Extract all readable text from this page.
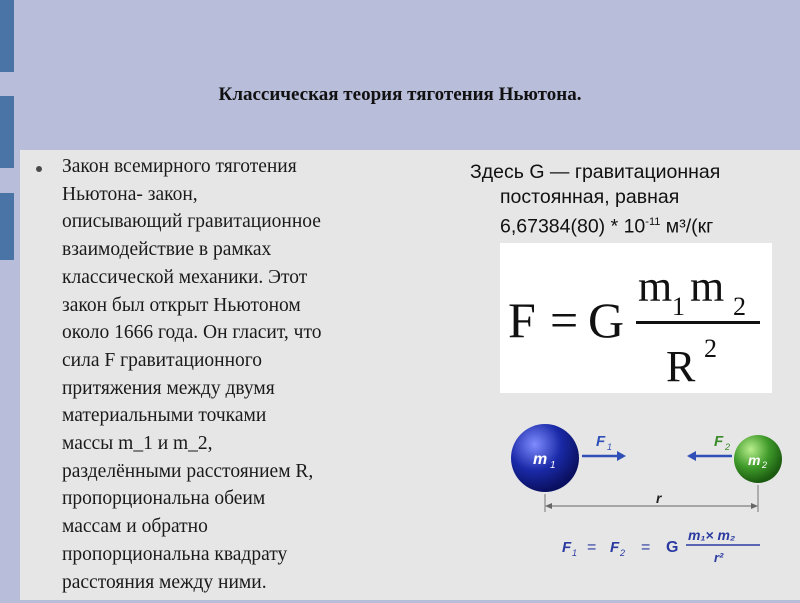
Классическая теория тяготения Ньютона.
Закон всемирного тяготения
Ньютона- закон,
описывающий гравитационное
взаимодействие в рамках
классической механики. Этот
закон был открыт Ньютоном
около 1666 года. Он гласит, что
сила F гравитационного
притяжения между двумя
материальными точками
массы m_1 и m_2,
разделёнными расстоянием R,
пропорциональна обеим
массам и обратно
пропорциональна квадрату
расстояния между ними.
Здесь G — гравитационная
постоянная, равная
$6,67384(80) * 10^{-11}$ м³/(кг
F = G
m 1 m 2
R 2
m 1	m 2
F 1	F 2
r
F 1 = F 2 = G
m₁× m₂
r²
